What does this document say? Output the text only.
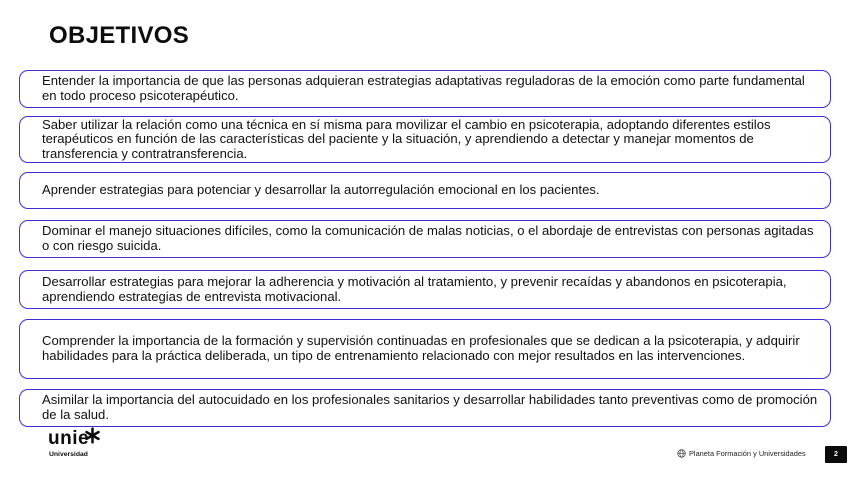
OBJETIVOS
Entender la importancia de que las personas adquieran estrategias adaptativas reguladoras de la emoción como parte fundamental en todo proceso psicoterapéutico.
Saber utilizar la relación como una técnica en sí misma para movilizar el cambio en psicoterapia, adoptando diferentes estilos terapéuticos en función de las características del paciente y la situación, y aprendiendo a detectar y manejar momentos de transferencia y contratransferencia.
Aprender estrategias para potenciar y desarrollar la autorregulación emocional en los pacientes.
Dominar el manejo situaciones difíciles, como la comunicación de malas noticias, o el abordaje de entrevistas con personas agitadas o con riesgo suicida.
Desarrollar estrategias para mejorar la adherencia y motivación al tratamiento, y prevenir recaídas y abandonos en psicoterapia, aprendiendo estrategias de entrevista motivacional.
Comprender la importancia de la formación y supervisión continuadas en profesionales que se dedican a la psicoterapia, y adquirir habilidades para la práctica deliberada, un tipo de entrenamiento relacionado con mejor resultados en las intervenciones.
Asimilar la importancia del autocuidado en los profesionales sanitarios y desarrollar habilidades tanto preventivas como de promoción de la salud.
unie
Universidad	Planeta Formación y Universidades	2
